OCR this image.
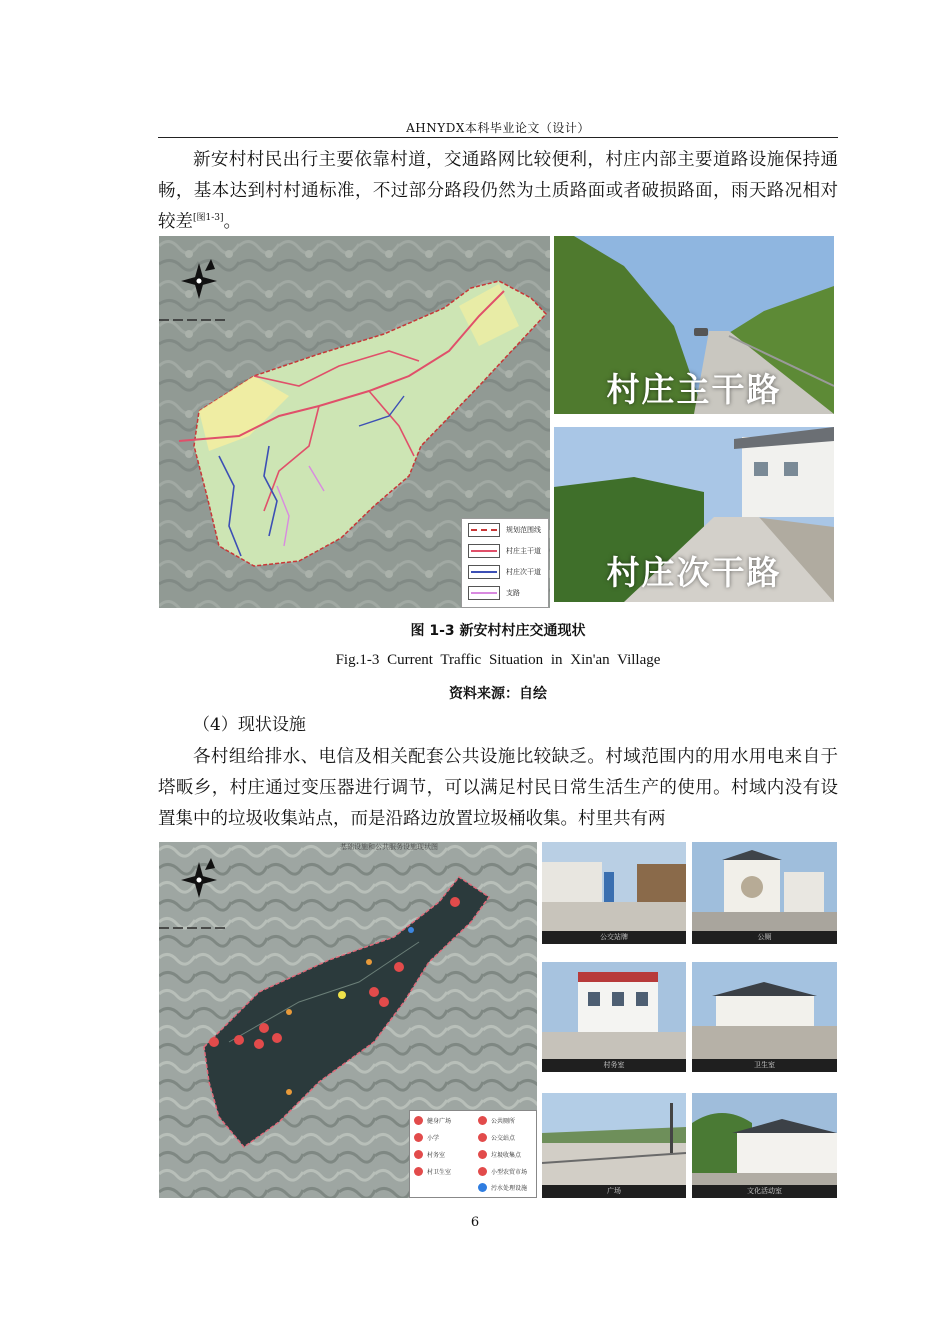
AHNYDX本科毕业论文（设计）

新安村村民出行主要依靠村道，交通路网比较便利，村庄内部主要道路设施保持通畅，基本达到村村通标准，不过部分路段仍然为土质路面或者破损路面，雨天路况相对较差[图1-3]。

规划范围线
村庄主干道
村庄次干道
支路
村庄主干路
村庄次干路
图 1-3 新安村村庄交通现状
Fig.1-3 Current Traffic Situation in Xin'an Village
资料来源：自绘
（4）现状设施

各村组给排水、电信及相关配套公共设施比较缺乏。村域范围内的用水用电来自于塔畈乡，村庄通过变压器进行调节，可以满足村民日常生活生产的使用。村域内没有设置集中的垃圾收集站点，而是沿路边放置垃圾桶收集。村里共有两

基础设施和公共服务设施现状图
健身广场
小学
村务室
村卫生室
公共厕所
公交站点
垃圾收集点
小型农贸市场
污水处理设施
公交站牌	公厕
村务室	卫生室
广场	文化活动室
6
